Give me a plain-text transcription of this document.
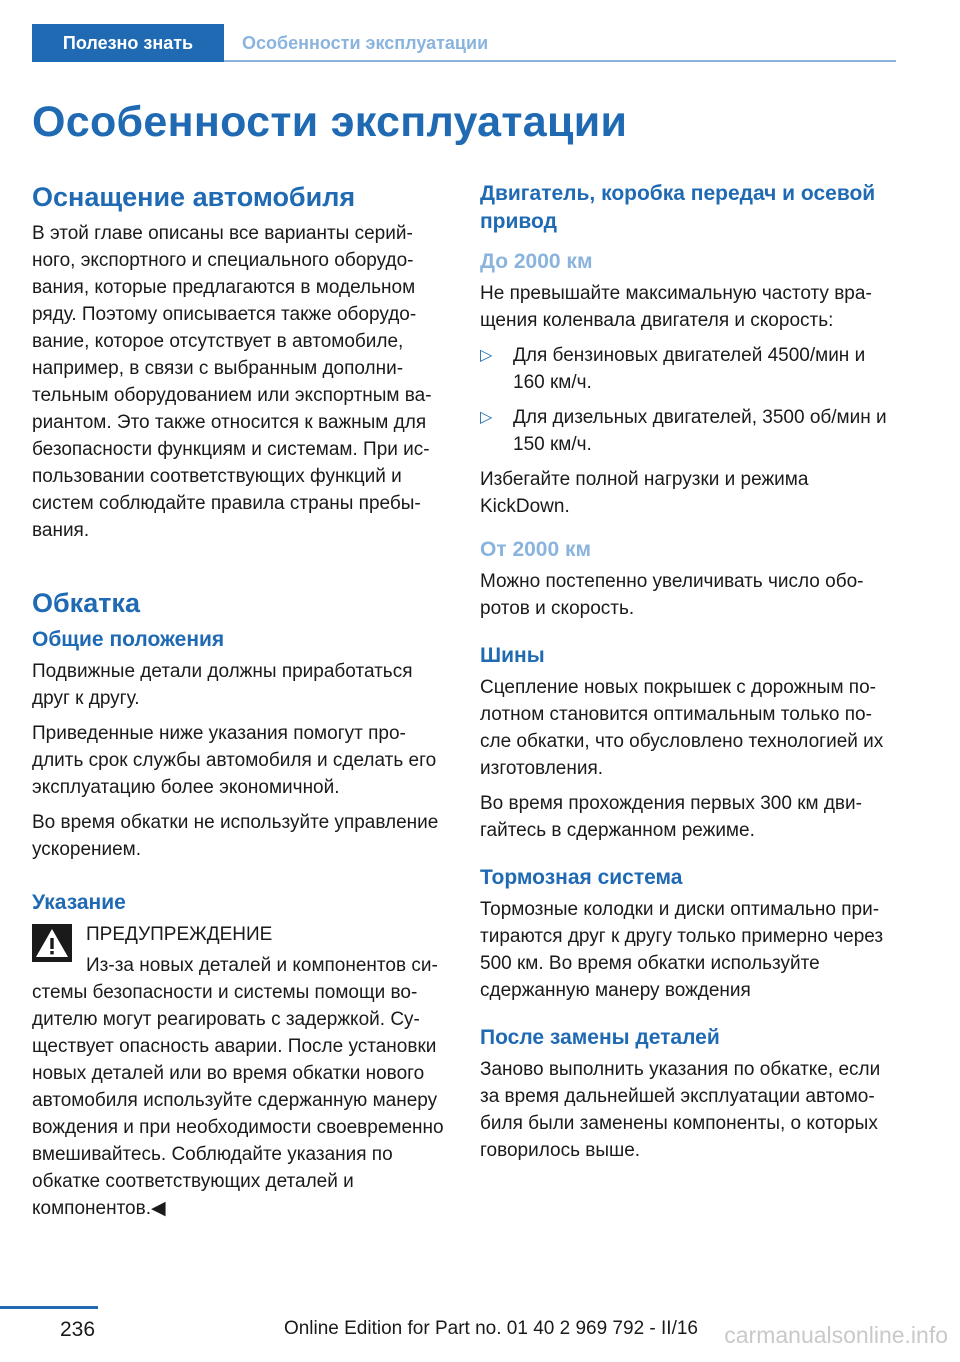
Полезно знать	Особенности эксплуатации
Особенности эксплуатации
Оснащение автомобиля

В этой главе описаны все варианты серийного, экспортного и специального оборудования, которые предлагаются в модельном ряду. Поэтому описывается также оборудование, которое отсутствует в автомобиле, например, в связи с выбранным дополнительным оборудованием или экспортным вариантом. Это также относится к важным для безопасности функциям и системам. При использовании соответствующих функций и систем соблюдайте правила страны пребывания.

Обкатка
Общие положения

Подвижные детали должны приработаться друг к другу.

Приведенные ниже указания помогут продлить срок службы автомобиля и сделать его эксплуатацию более экономичной.

Во время обкатки не используйте управление ускорением.

Указание

ПРЕДУПРЕЖДЕНИЕ

Из-за новых деталей и компонентов системы безопасности и системы помощи водителю могут реагировать с задержкой. Существует опасность аварии. После установки новых деталей или во время обкатки нового автомобиля используйте сдержанную манеру вождения и при необходимости своевременно вмешивайтесь. Соблюдайте указания по обкатке соответствующих деталей и компонентов.◀

Двигатель, коробка передач и осевой привод
До 2000 км

Не превышайте максимальную частоту вращения коленвала двигателя и скорость:

▷ Для бензиновых двигателей 4500/мин и 160 км/ч.
▷ Для дизельных двигателей, 3500 об/мин и 150 км/ч.

Избегайте полной нагрузки и режима KickDown.

От 2000 км

Можно постепенно увеличивать число оборотов и скорость.

Шины

Сцепление новых покрышек с дорожным полотном становится оптимальным только после обкатки, что обусловлено технологией их изготовления.

Во время прохождения первых 300 км двигайтесь в сдержанном режиме.

Тормозная система

Тормозные колодки и диски оптимально притираются друг к другу только примерно через 500 км. Во время обкатки используйте сдержанную манеру вождения

После замены деталей

Заново выполнить указания по обкатке, если за время дальнейшей эксплуатации автомобиля были заменены компоненты, о которых говорилось выше.

236	Online Edition for Part no. 01 40 2 969 792 - II/16 carmanualsonline.info
